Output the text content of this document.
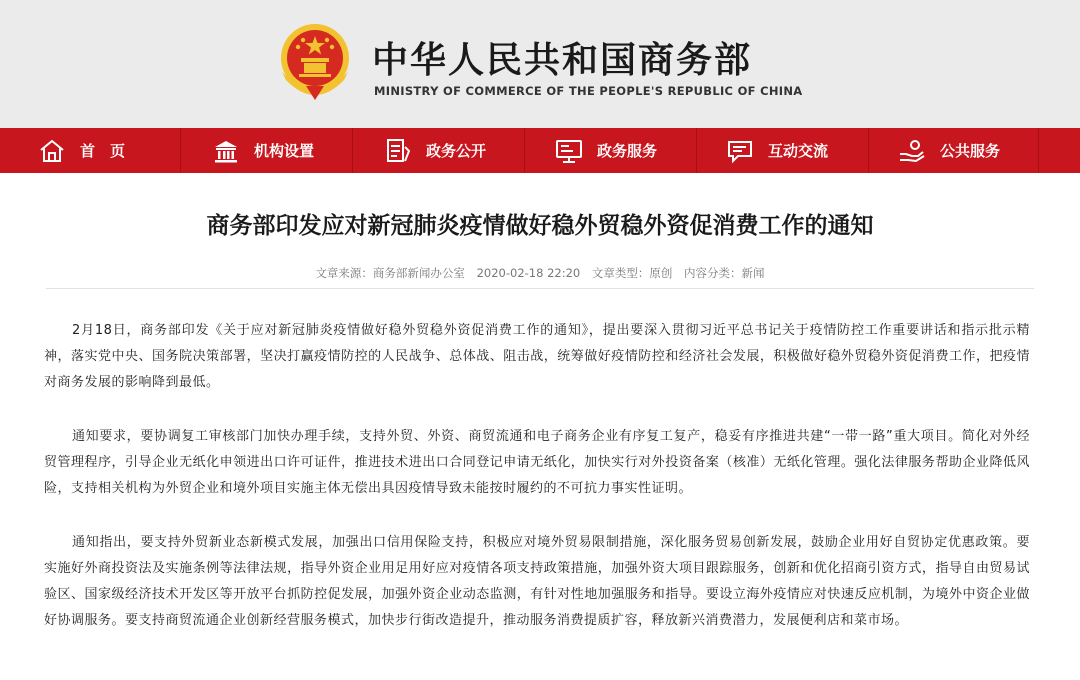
中华人民共和国商务部
MINISTRY OF COMMERCE OF THE PEOPLE'S REPUBLIC OF CHINA
首　页	机构设置	政务公开	政务服务	互动交流	公共服务
商务部印发应对新冠肺炎疫情做好稳外贸稳外资促消费工作的通知
文章来源：商务部新闻办公室 2020-02-18 22:20 文章类型：原创 内容分类：新闻

2月18日，商务部印发《关于应对新冠肺炎疫情做好稳外贸稳外资促消费工作的通知》，提出要深入贯彻习近平总书记关于疫情防控工作重要讲话和指示批示精神，落实党中央、国务院决策部署，坚决打赢疫情防控的人民战争、总体战、阻击战，统筹做好疫情防控和经济社会发展，积极做好稳外贸稳外资促消费工作，把疫情对商务发展的影响降到最低。

通知要求，要协调复工审核部门加快办理手续，支持外贸、外资、商贸流通和电子商务企业有序复工复产，稳妥有序推进共建“一带一路”重大项目。简化对外经贸管理程序，引导企业无纸化申领进出口许可证件，推进技术进出口合同登记申请无纸化，加快实行对外投资备案（核准）无纸化管理。强化法律服务帮助企业降低风险，支持相关机构为外贸企业和境外项目实施主体无偿出具因疫情导致未能按时履约的不可抗力事实性证明。

通知指出，要支持外贸新业态新模式发展，加强出口信用保险支持，积极应对境外贸易限制措施，深化服务贸易创新发展，鼓励企业用好自贸协定优惠政策。要实施好外商投资法及实施条例等法律法规，指导外资企业用足用好应对疫情各项支持政策措施，加强外资大项目跟踪服务，创新和优化招商引资方式，指导自由贸易试验区、国家级经济技术开发区等开放平台抓防控促发展，加强外资企业动态监测，有针对性地加强服务和指导。要设立海外疫情应对快速反应机制，为境外中资企业做好协调服务。要支持商贸流通企业创新经营服务模式，加快步行街改造提升，推动服务消费提质扩容，释放新兴消费潜力，发展便利店和菜市场。
